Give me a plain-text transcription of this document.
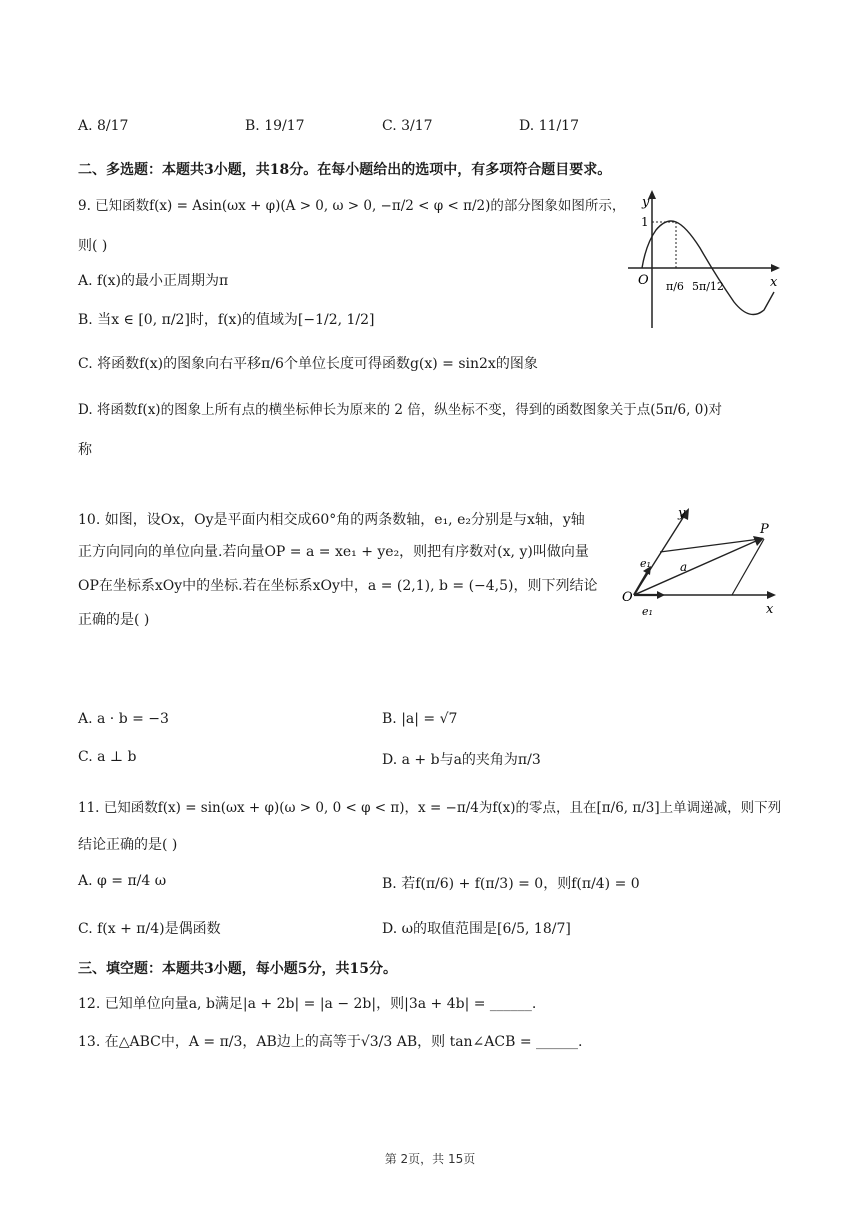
A. 8/17	B. 19/17	C. 3/17	D. 11/17
二、多选题：本题共3小题，共18分。在每小题给出的选项中，有多项符合题目要求。
9. 已知函数f(x) = Asin(ωx + φ)(A > 0, ω > 0, −π/2 < φ < π/2)的部分图象如图所示，
则( )
A. f(x)的最小正周期为π
B. 当x ∈ [0, π/2]时，f(x)的值域为[−1/2, 1/2]
C. 将函数f(x)的图象向右平移π/6个单位长度可得函数g(x) = sin2x的图象
D. 将函数f(x)的图象上所有点的横坐标伸长为原来的 2 倍，纵坐标不变，得到的函数图象关于点(5π/6, 0)对
称
y
x
O
1
π/6 5π/12
10. 如图，设Ox，Oy是平面内相交成60°角的两条数轴，e₁, e₂分别是与x轴，y轴
正方向同向的单位向量.若向量OP = a = xe₁ + ye₂，则把有序数对(x, y)叫做向量
OP在坐标系xOy中的坐标.若在坐标系xOy中，a = (2,1), b = (−4,5)，则下列结论
正确的是( )
y
x
O
P
a
e₁
e₁
A. a · b = −3	B. |a| = √7
C. a ⊥ b	D. a + b与a的夹角为π/3
11. 已知函数f(x) = sin(ωx + φ)(ω > 0, 0 < φ < π)，x = −π/4为f(x)的零点，且在[π/6, π/3]上单调递减，则下列
结论正确的是( )
A. φ = π/4 ω	B. 若f(π/6) + f(π/3) = 0，则f(π/4) = 0
C. f(x + π/4)是偶函数	D. ω的取值范围是[6/5, 18/7]
三、填空题：本题共3小题，每小题5分，共15分。
12. 已知单位向量a, b满足|a + 2b| = |a − 2b|，则|3a + 4b| = ______.
13. 在△ABC中，A = π/3，AB边上的高等于√3/3 AB，则 tan∠ACB = ______.
第 2页，共 15页
